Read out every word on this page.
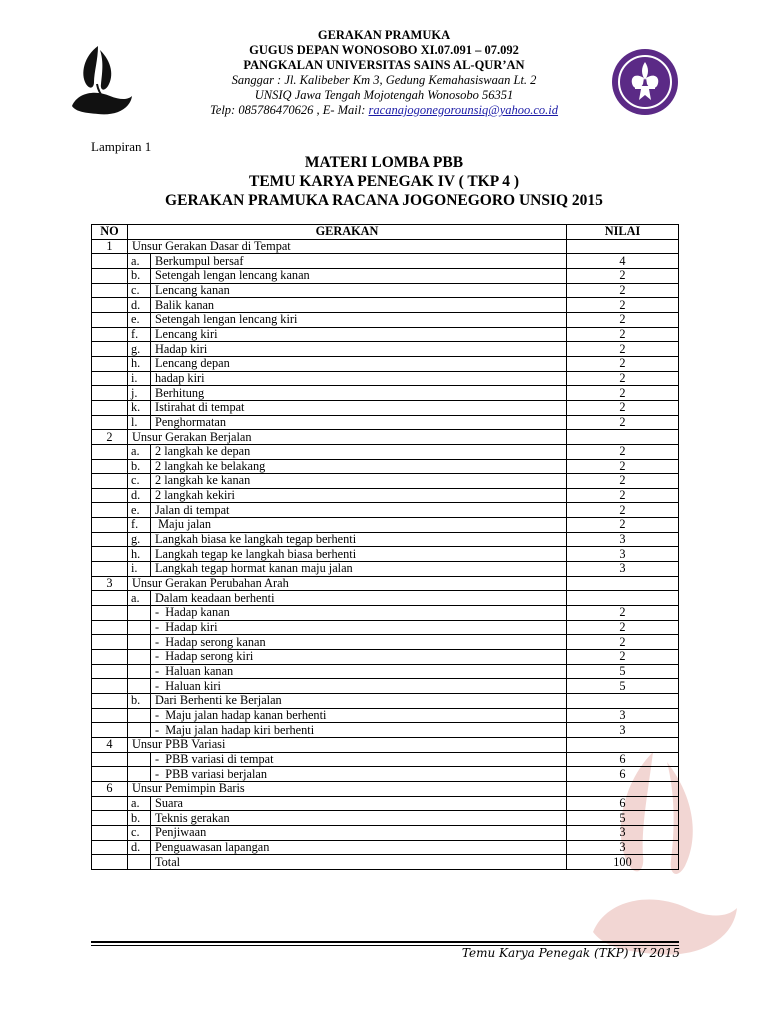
GERAKAN PRAMUKA
GUGUS DEPAN WONOSOBO XI.07.091 – 07.092
PANGKALAN UNIVERSITAS SAINS AL-QUR’AN
Sanggar : Jl. Kalibeber Km 3, Gedung Kemahasiswaan Lt. 2
UNSIQ Jawa Tengah Mojotengah Wonosobo 56351
Telp: 085786470626 , E- Mail: racanajogonegorounsiq@yahoo.co.id
Lampiran 1
MATERI LOMBA PBB
TEMU KARYA PENEGAK IV ( TKP 4 )
GERAKAN PRAMUKA RACANA JOGONEGORO UNSIQ 2015
NO	GERAKAN		NILAI
1	Unsur Gerakan Dasar di Tempat		
	a.	Berkumpul bersaf	4
	b.	Setengah lengan lencang kanan	2
	c.	Lencang kanan	2
	d.	Balik kanan	2
	e.	Setengah lengan lencang kiri	2
	f.	Lencang kiri	2
	g.	Hadap kiri	2
	h.	Lencang depan	2
	i.	hadap kiri	2
	j.	Berhitung	2
	k.	Istirahat di tempat	2
	l.	Penghormatan	2
2	Unsur Gerakan Berjalan		
	a.	2 langkah ke depan	2
	b.	2 langkah ke belakang	2
	c.	2 langkah ke kanan	2
	d.	2 langkah kekiri	2
	e.	Jalan di tempat	2
	f.	Maju jalan	2
	g.	Langkah biasa ke langkah tegap berhenti	3
	h.	Langkah tegap ke langkah biasa berhenti	3
	i.	Langkah tegap hormat kanan maju jalan	3
3	Unsur Gerakan Perubahan Arah		
	a.	Dalam keadaan berhenti	
		-  Hadap kanan	2
		-  Hadap kiri	2
		-  Hadap serong kanan	2
		-  Hadap serong kiri	2
		-  Haluan kanan	5
		-  Haluan kiri	5
	b.	Dari Berhenti ke Berjalan	
		-  Maju jalan hadap kanan berhenti	3
		-  Maju jalan hadap kiri berhenti	3
4	Unsur PBB Variasi		
		-  PBB variasi di tempat	6
		-  PBB variasi berjalan	6
6	Unsur Pemimpin Baris		
	a.	Suara	6
	b.	Teknis gerakan	5
	c.	Penjiwaan	3
	d.	Penguawasan lapangan	3
		Total	100
Temu Karya Penegak (TKP) IV 2015
